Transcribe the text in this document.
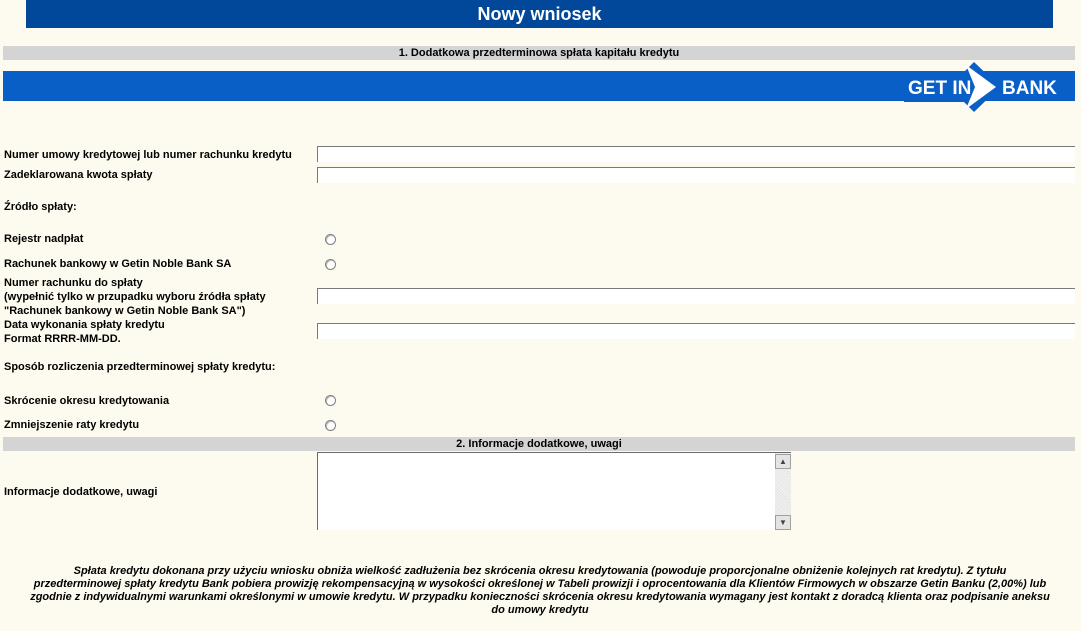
Nowy wniosek
1. Dodatkowa przedterminowa spłata kapitału kredytu
GET IN BANK
Numer umowy kredytowej lub numer rachunku kredytu
Zadeklarowana kwota spłaty
Źródło spłaty:
Rejestr nadpłat
Rachunek bankowy w Getin Noble Bank SA
Numer rachunku do spłaty
(wypełnić tylko w przupadku wyboru źródła spłaty
"Rachunek bankowy w Getin Noble Bank SA")
Data wykonania spłaty kredytu
Format RRRR-MM-DD.
Sposób rozliczenia przedterminowej spłaty kredytu:
Skrócenie okresu kredytowania
Zmniejszenie raty kredytu
2. Informacje dodatkowe, uwagi
Informacje dodatkowe, uwagi
▲
▼
Spłata kredytu dokonana przy użyciu wniosku obniża wielkość zadłużenia bez skrócenia okresu kredytowania (powoduje proporcjonalne obniżenie kolejnych rat kredytu). Z tytułu przedterminowej spłaty kredytu Bank pobiera prowizję rekompensacyjną w wysokości określonej w Tabeli prowizji i oprocentowania dla Klientów Firmowych w obszarze Getin Banku (2,00%) lub zgodnie z indywidualnymi warunkami określonymi w umowie kredytu. W przypadku konieczności skrócenia okresu kredytowania wymagany jest kontakt z doradcą klienta oraz podpisanie aneksu do umowy kredytu
